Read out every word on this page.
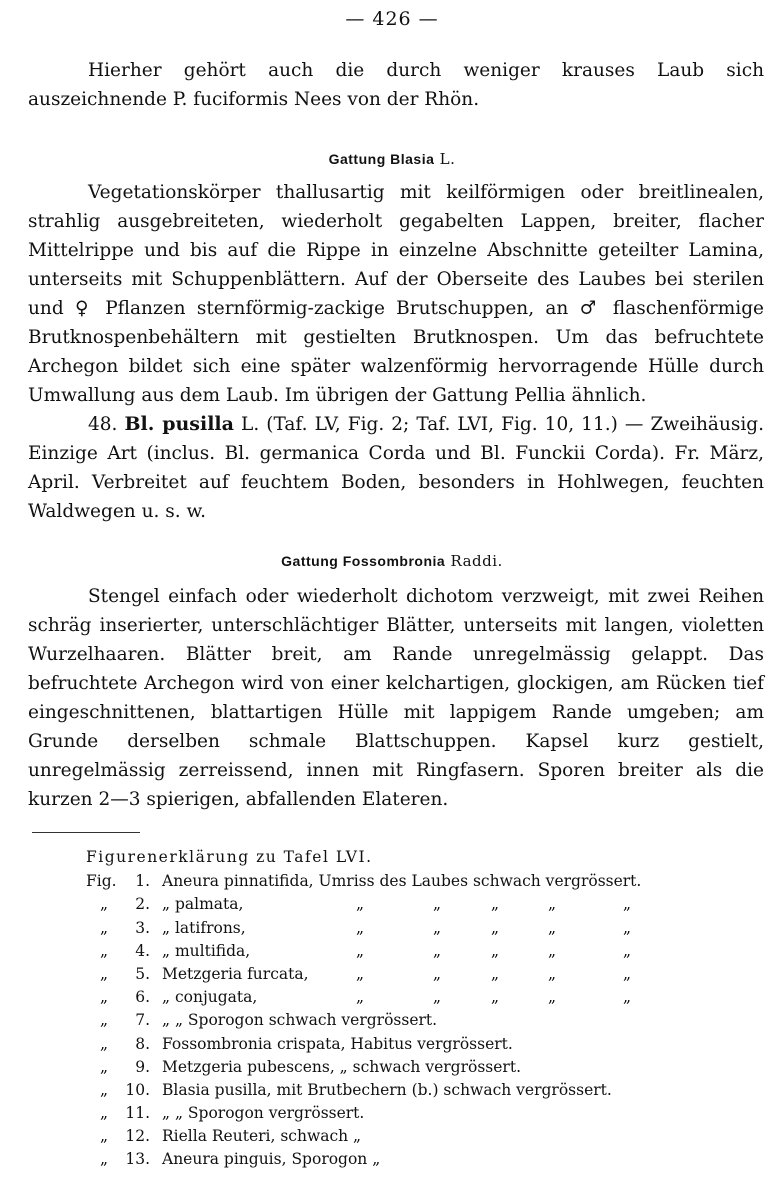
— 426 —

Hierher gehört auch die durch weniger krauses Laub sich auszeichnende P. fuciformis Nees von der Rhön.

Gattung Blasia L.

Vegetationskörper thallusartig mit keilförmigen oder breitlinealen, strahlig ausgebreiteten, wiederholt gegabelten Lappen, breiter, flacher Mittelrippe und bis auf die Rippe in einzelne Abschnitte geteilter Lamina, unterseits mit Schuppenblättern. Auf der Oberseite des Laubes bei sterilen und ♀ Pflanzen sternförmig-zackige Brutschuppen, an ♂ flaschenförmige Brutknospenbehältern mit gestielten Brutknospen. Um das befruchtete Archegon bildet sich eine später walzenförmig hervorragende Hülle durch Umwallung aus dem Laub. Im übrigen der Gattung Pellia ähnlich.

48. Bl. pusilla L. (Taf. LV, Fig. 2; Taf. LVI, Fig. 10, 11.) — Zweihäusig. Einzige Art (inclus. Bl. germanica Corda und Bl. Funckii Corda). Fr. März, April. Verbreitet auf feuchtem Boden, besonders in Hohlwegen, feuchten Waldwegen u. s. w.

Gattung Fossombronia Raddi.

Stengel einfach oder wiederholt dichotom verzweigt, mit zwei Reihen schräg inserierter, unterschlächtiger Blätter, unterseits mit langen, violetten Wurzelhaaren. Blätter breit, am Rande unregelmässig gelappt. Das befruchtete Archegon wird von einer kelchartigen, glockigen, am Rücken tief eingeschnittenen, blattartigen Hülle mit lappigem Rande umgeben; am Grunde derselben schmale Blattschuppen. Kapsel kurz gestielt, unregelmässig zerreissend, innen mit Ringfasern. Sporen breiter als die kurzen 2—3 spierigen, abfallenden Elateren.

Figurenerklärung zu Tafel LVI.
Fig.	1. Aneura pinnatifida, Umriss des Laubes schwach vergrössert.
„	2. „ palmata,	„	„	„	„	„
„	3. „ latifrons,	„	„	„	„	„
„	4. „ multifida,	„	„	„	„	„
„	5. Metzgeria furcata,	„	„	„	„	„
„	6. „ conjugata,	„	„	„	„	„
„	7. „ „ Sporogon schwach vergrössert.
„	8. Fossombronia crispata, Habitus vergrössert.
„	9. Metzgeria pubescens, „ schwach vergrössert.
„	10. Blasia pusilla, mit Brutbechern (b.) schwach vergrössert.
„	11. „ „ Sporogon vergrössert.
„	12. Riella Reuteri, schwach „
„	13. Aneura pinguis, Sporogon „
